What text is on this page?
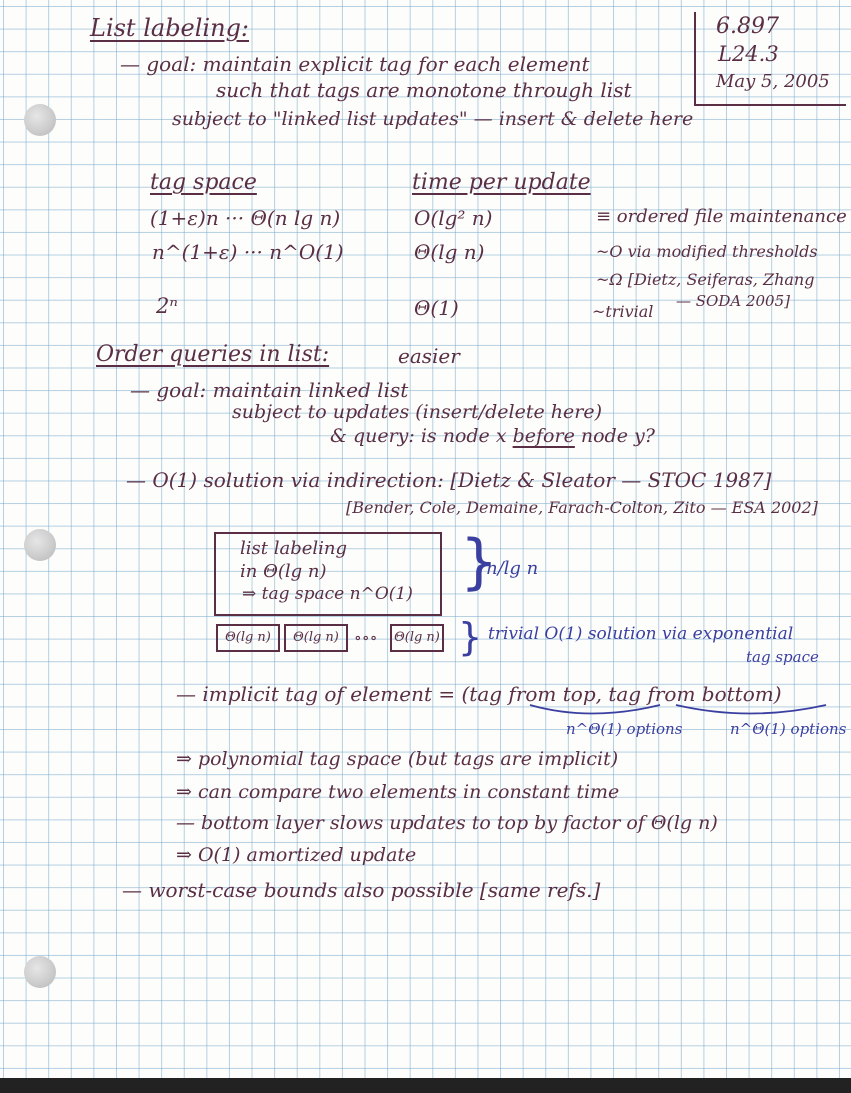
6.897
L24.3
May 5, 2005
List labeling:
— goal: maintain explicit tag for each element
such that tags are monotone through list
subject to "linked list updates" — insert & delete here
tag space	time per update
(1+ε)n ··· Θ(n lg n)	O(lg² n)	≡ ordered file maintenance
n^(1+ε) ··· n^O(1)	Θ(lg n)	~O via modified thresholds
~Ω [Dietz, Seiferas, Zhang
— SODA 2005]
2ⁿ	Θ(1)	~trivial
Order queries in list:	easier
— goal: maintain linked list
subject to updates (insert/delete here)
& query: is node x before node y?
— O(1) solution via indirection: [Dietz & Sleator — STOC 1987]
[Bender, Cole, Demaine, Farach-Colton, Zito — ESA 2002]
list labeling
in Θ(lg n)
⇒ tag space n^O(1) }
n/lg n
Θ(lg n)	Θ(lg n) ∘∘∘	Θ(lg n) } trivial O(1) solution via exponential
tag space
— implicit tag of element = (tag from top, tag from bottom)
n^Θ(1) options	n^Θ(1) options
⇒ polynomial tag space (but tags are implicit)
⇒ can compare two elements in constant time
— bottom layer slows updates to top by factor of Θ(lg n)
⇒ O(1) amortized update
— worst-case bounds also possible [same refs.]
